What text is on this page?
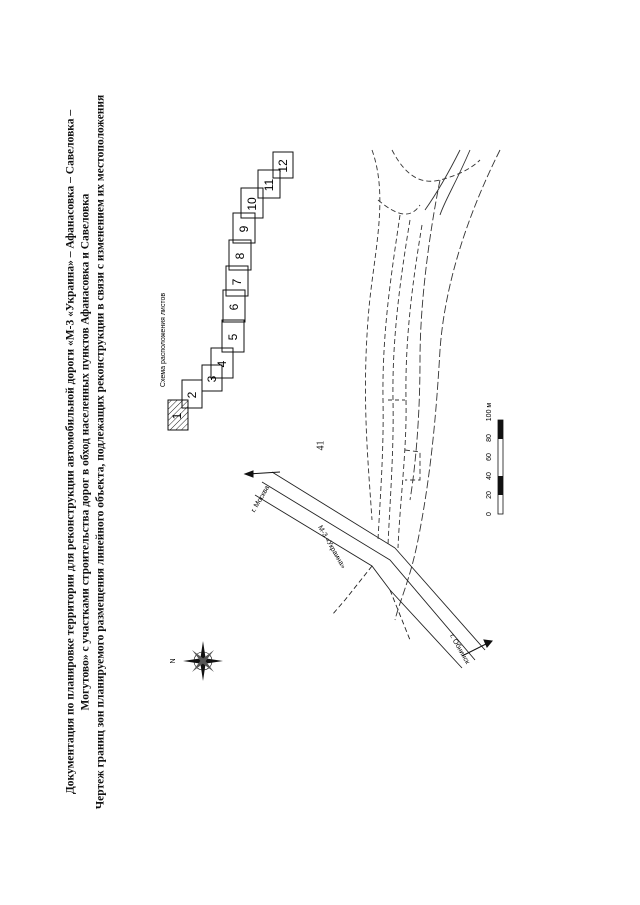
41
Документация по планировке территории для реконструкции автомобильной дороги «М-3 «Украина» – Афанасовка – Савеловка – Могутово» с участками строительства дорог в обход населенных пунктов Афанасовка и Савеловка Чертеж границ зон планируемого размещения линейного объекта, подлежащих реконструкции в связи с изменением их местоположения	Схема расположения листов
1
2
3
4
5
6
7
8
9
10
11
12
г. Москва
М-3 «Украина»
г. Обнинск
0
20
40
60
80
100 м
N
